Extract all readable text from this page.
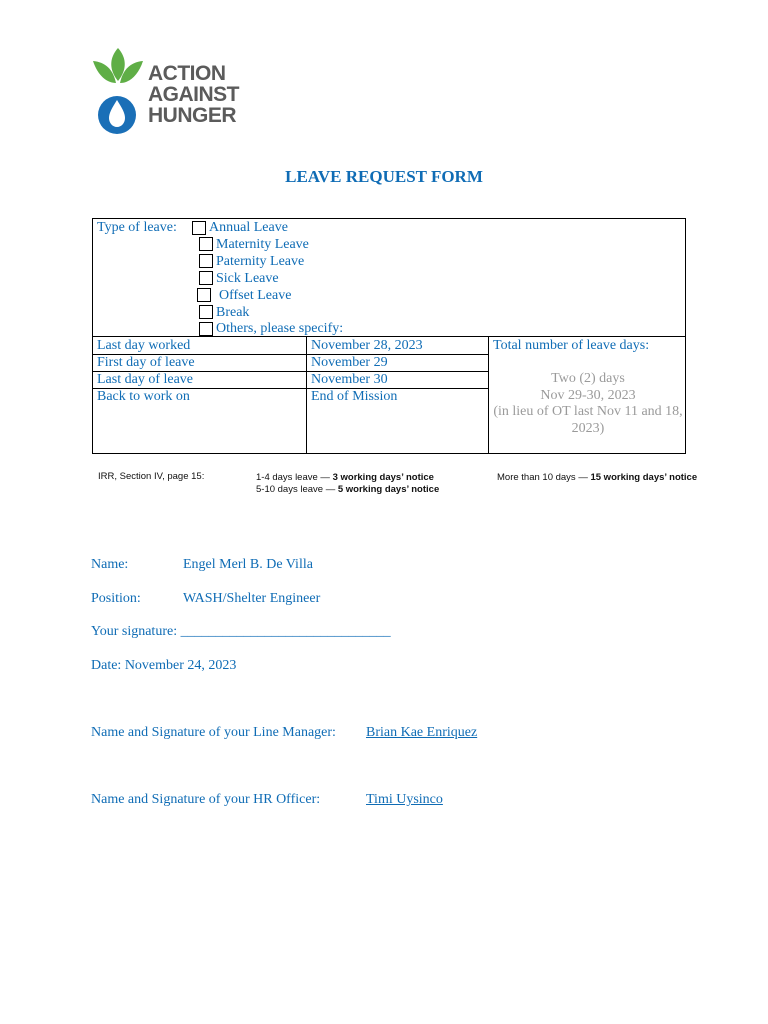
ACTION
AGAINST
HUNGER
LEAVE REQUEST FORM
Type of leave: Annual Leave
Maternity Leave
Paternity Leave
Sick Leave
Offset Leave
Break
Others, please specify:
Last day worked	November 28, 2023
First day of leave	November 29
Last day of leave	November 30
Back to work on	End of Mission
Total number of leave days:
Two (2) days
Nov 29-30, 2023
(in lieu of OT last Nov 11 and 18, 2023)
IRR, Section IV, page 15:	1-4 days leave — 3 working days’ notice
5-10 days leave — 5 working days’ notice
More than 10 days — 15 working days’ notice
Name:	Engel Merl B. De Villa
Position:	WASH/Shelter Engineer
Your signature: ______________________________
Date: November 24, 2023
Name and Signature of your Line Manager: Brian Kae Enriquez
Name and Signature of your HR Officer:	Timi Uysinco
